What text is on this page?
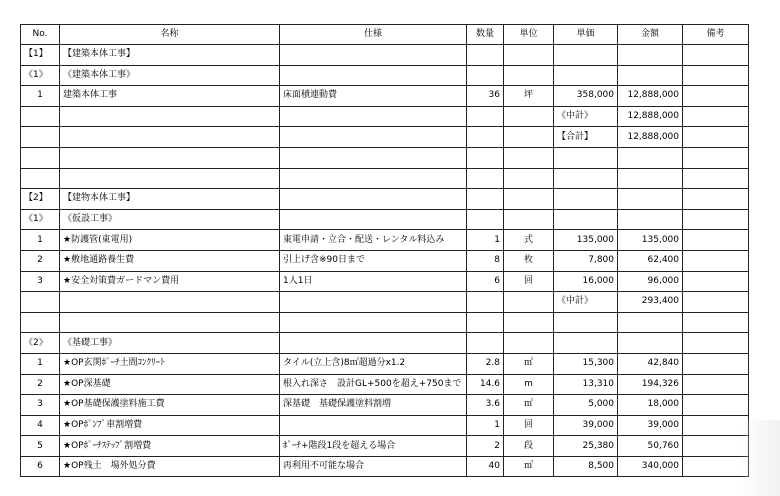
No.	名称	仕様	数量	単位	単価	金額	備考
【1】	【建築本体工事】						
《1》	《建築本体工事》						
1	建築本体工事	床面積連動費	36	坪	358,000	12,888,000	
					《中計》	12,888,000	
					【合計】	12,888,000	

【2】	【建物本体工事】						
《1》	《仮設工事》						
1	★防護管(東電用)	東電申請・立合・配送・レンタル料込み	1	式	135,000	135,000	
2	★敷地通路養生費	引上げ含※90日まで	8	枚	7,800	62,400	
3	★安全対策費ガードマン費用	1人1日	6	回	16,000	96,000	
					《中計》	293,400	

《2》	《基礎工事》						
1	★OP玄関ﾎﾟｰﾁ土間ｺﾝｸﾘｰﾄ	タイル(立上含)8㎡超過分x1.2	2.8	㎡	15,300	42,840	
2	★OP深基礎	根入れ深さ　設計GL+500を超え+750まで	14.6	m	13,310	194,326	
3	★OP基礎保護塗料施工費	深基礎　基礎保護塗料割増	3.6	㎡	5,000	18,000	
4	★OPﾎﾟﾝﾌﾟ車割増費		1	回	39,000	39,000	
5	★OPﾎﾟｰﾁｽﾃｯﾌﾟ割増費	ﾎﾟｰﾁ+階段1段を超える場合	2	段	25,380	50,760	
6	★OP残土　場外処分費	再利用不可能な場合	40	㎥	8,500	340,000	
